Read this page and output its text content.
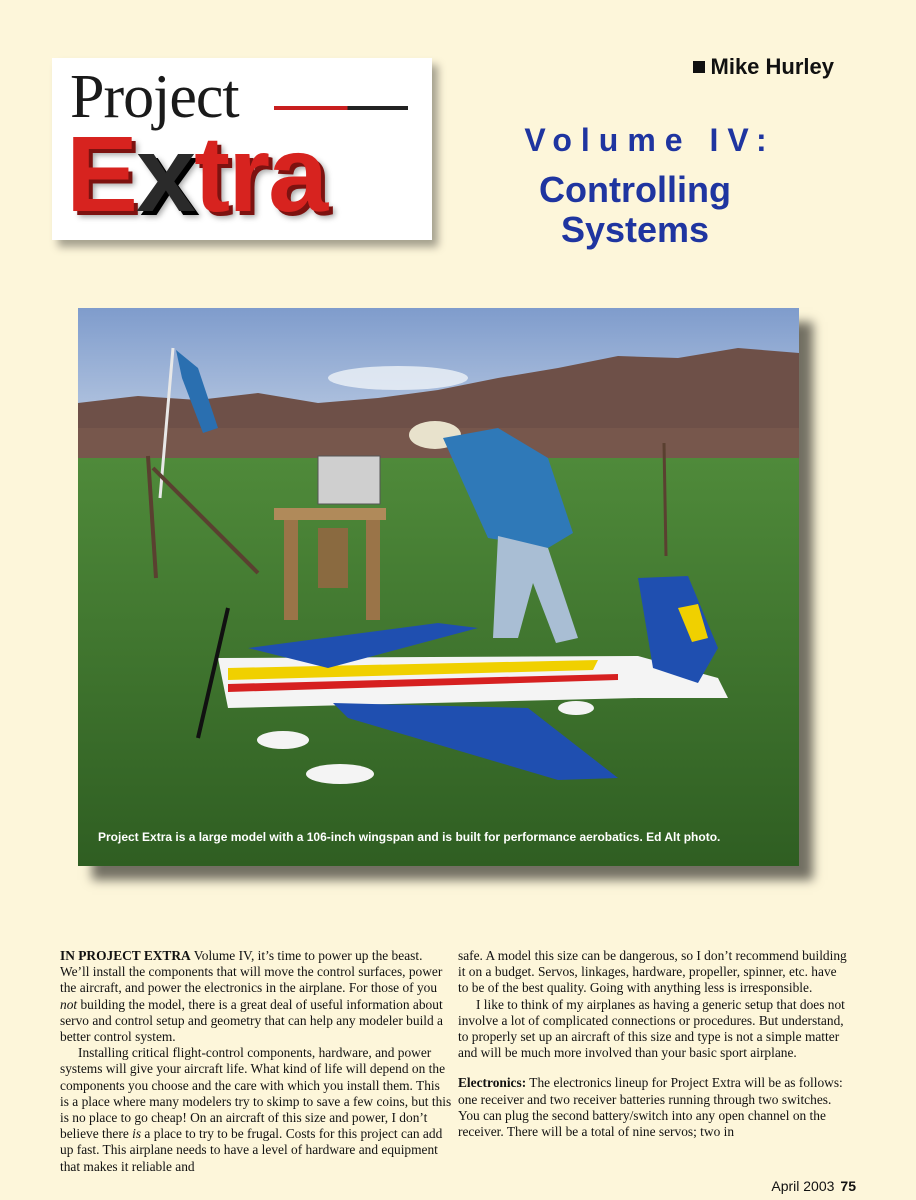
Project
Extra
Mike Hurley
Volume IV:
Controlling Systems
Project Extra is a large model with a 106-inch wingspan and is built for performance aerobatics. Ed Alt photo.

IN PROJECT EXTRA Volume IV, it’s time to power up the beast. We’ll install the components that will move the control surfaces, power the aircraft, and power the electronics in the airplane. For those of you not building the model, there is a great deal of useful information about servo and control setup and geometry that can help any modeler build a better control system.

Installing critical flight-control components, hardware, and power systems will give your aircraft life. What kind of life will depend on the components you choose and the care with which you install them. This is a place where many modelers try to skimp to save a few coins, but this is no place to go cheap! On an aircraft of this size and power, I don’t believe there is a place to try to be frugal. Costs for this project can add up fast. This airplane needs to have a level of hardware and equipment that makes it reliable and

safe. A model this size can be dangerous, so I don’t recommend building it on a budget. Servos, linkages, hardware, propeller, spinner, etc. have to be of the best quality. Going with anything less is irresponsible.

I like to think of my airplanes as having a generic setup that does not involve a lot of complicated connections or procedures. But understand, to properly set up an aircraft of this size and type is not a simple matter and will be much more involved than your basic sport airplane.

Electronics: The electronics lineup for Project Extra will be as follows: one receiver and two receiver batteries running through two switches. You can plug the second battery/switch into any open channel on the receiver. There will be a total of nine servos; two in

April 2003 75
